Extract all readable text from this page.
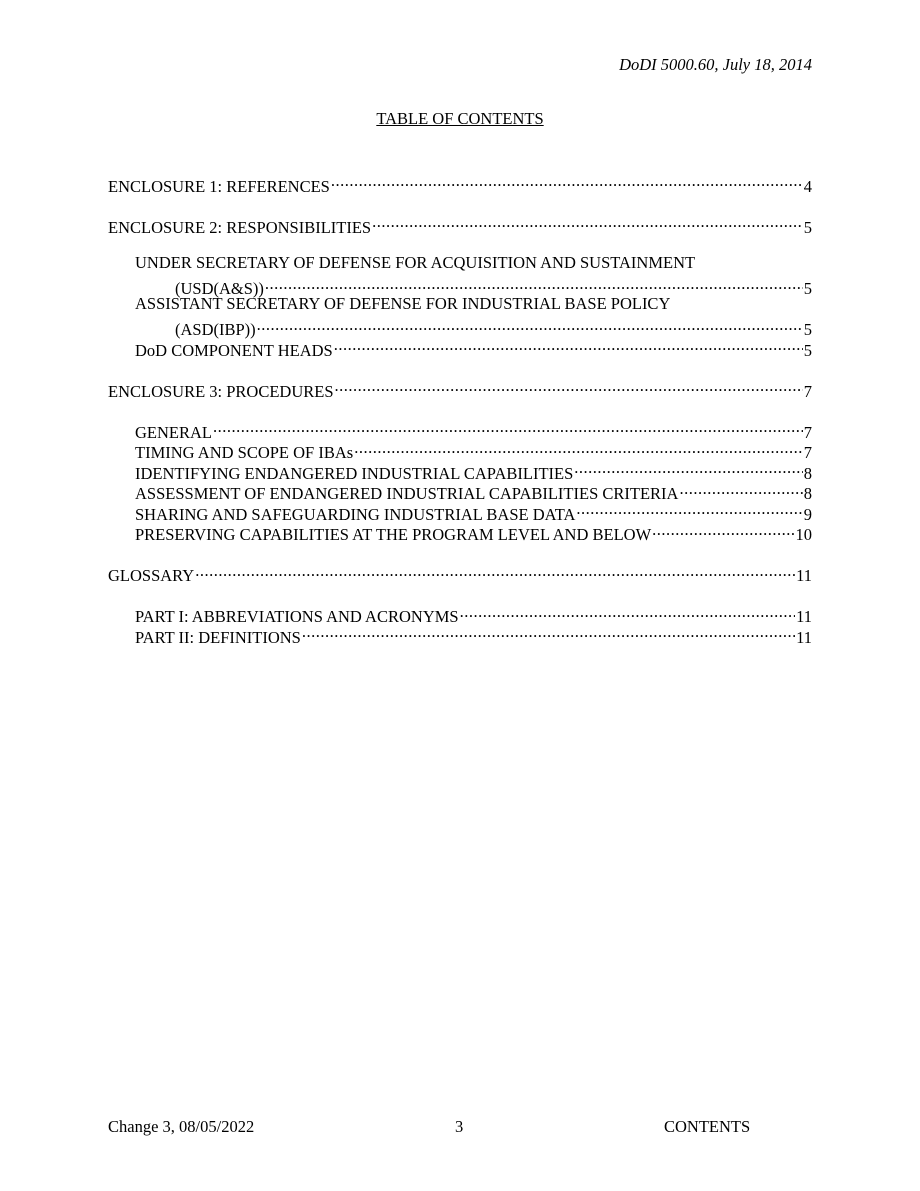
DoDI 5000.60, July 18, 2014
TABLE OF CONTENTS
ENCLOSURE 1: REFERENCES .....	4
ENCLOSURE 2: RESPONSIBILITIES .....	5
UNDER SECRETARY OF DEFENSE FOR ACQUISITION AND SUSTAINMENT
(USD(A&S)) .....	5
ASSISTANT SECRETARY OF DEFENSE FOR INDUSTRIAL BASE POLICY
(ASD(IBP)) .....	5
DoD COMPONENT HEADS .....	5
ENCLOSURE 3: PROCEDURES .....	7
GENERAL .....	7
TIMING AND SCOPE OF IBAs .....	7
IDENTIFYING ENDANGERED INDUSTRIAL CAPABILITIES .....	8
ASSESSMENT OF ENDANGERED INDUSTRIAL CAPABILITIES CRITERIA .....	8
SHARING AND SAFEGUARDING INDUSTRIAL BASE DATA .....	9
PRESERVING CAPABILITIES AT THE PROGRAM LEVEL AND BELOW .....	10
GLOSSARY .....	11
PART I: ABBREVIATIONS AND ACRONYMS .....	11
PART II: DEFINITIONS .....	11
Change 3, 08/05/2022	3	CONTENTS
